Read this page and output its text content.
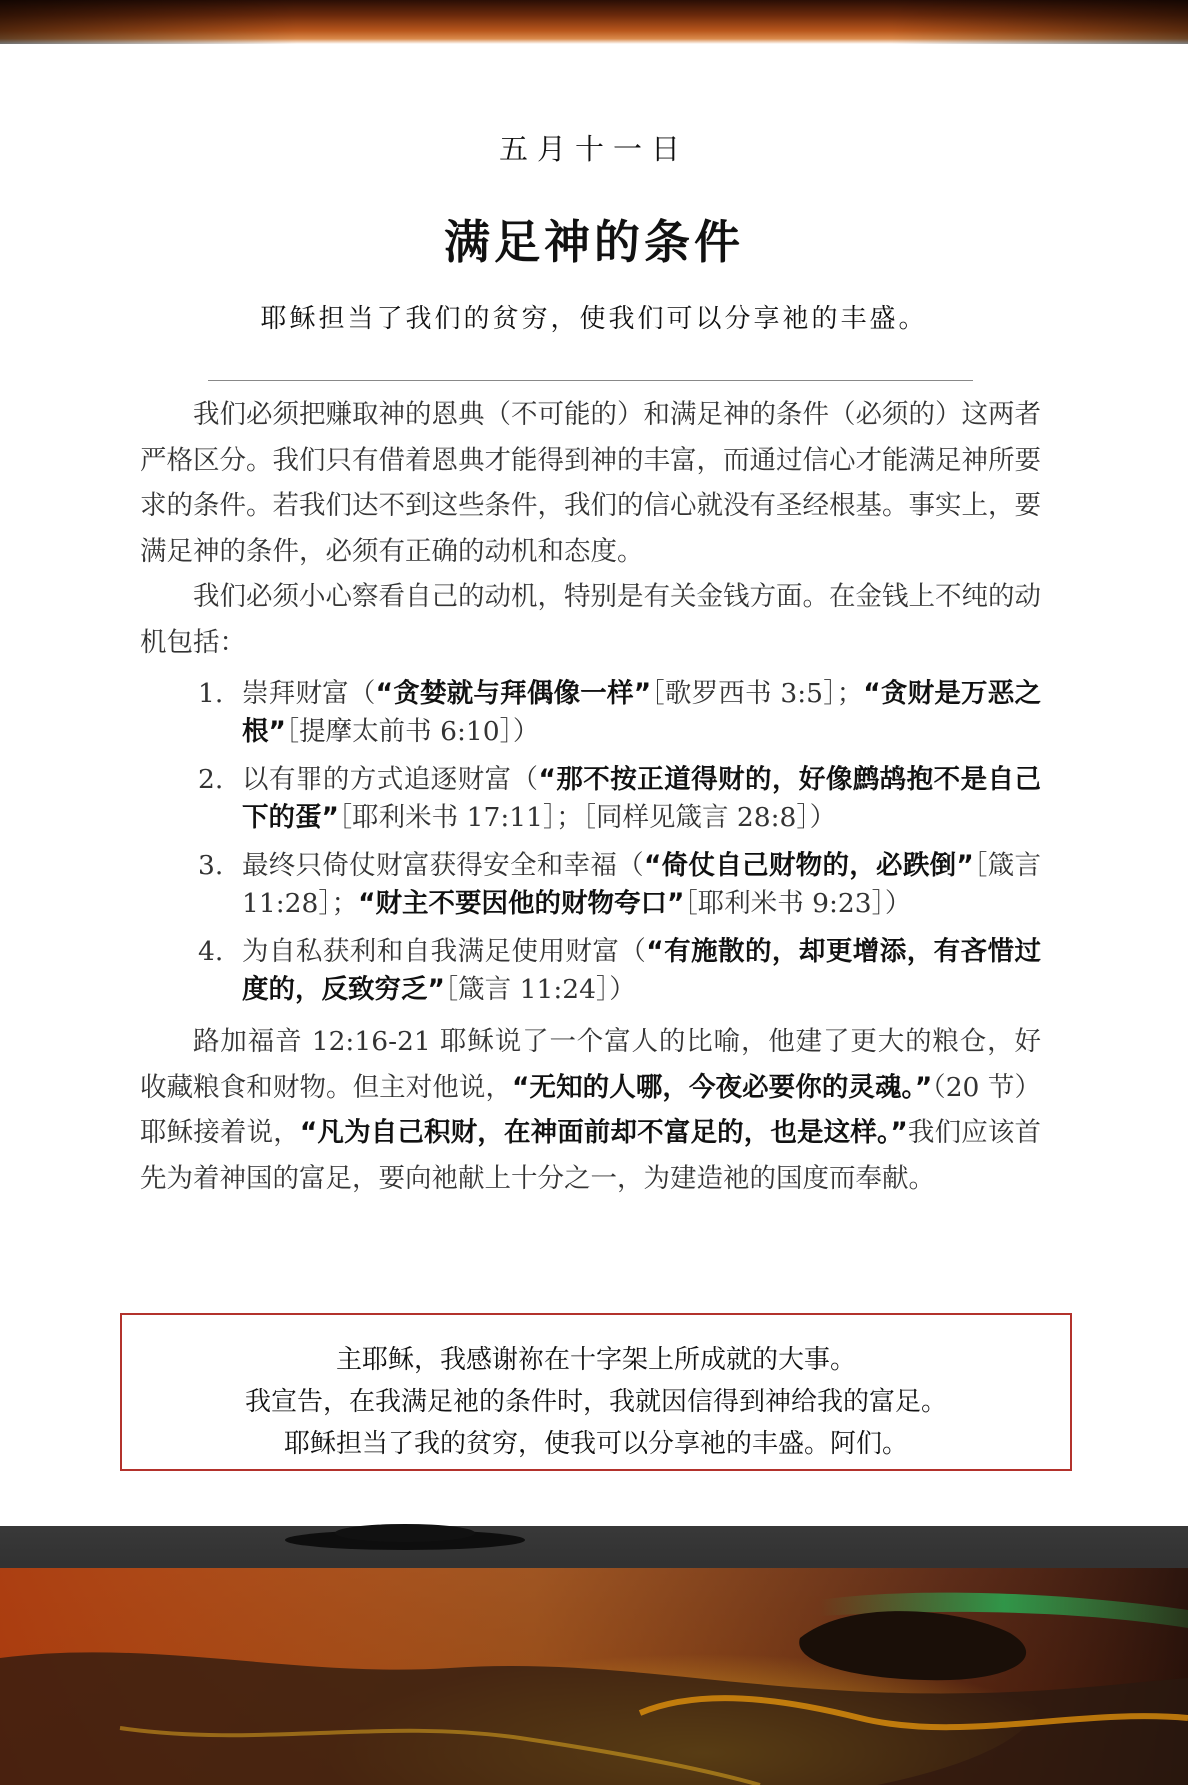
五月十一日
满足神的条件
耶稣担当了我们的贫穷，使我们可以分享祂的丰盛。

我们必须把赚取神的恩典（不可能的）和满足神的条件（必须的）这两者严格区分。我们只有借着恩典才能得到神的丰富，而通过信心才能满足神所要求的条件。若我们达不到这些条件，我们的信心就没有圣经根基。事实上，要满足神的条件，必须有正确的动机和态度。

我们必须小心察看自己的动机，特别是有关金钱方面。在金钱上不纯的动机包括：

1. 崇拜财富（“贪婪就与拜偶像一样”［歌罗西书 3:5］；“贪财是万恶之根”［提摩太前书 6:10］）
2. 以有罪的方式追逐财富（“那不按正道得财的，好像鹧鸪抱不是自己下的蛋”［耶利米书 17:11］；［同样见箴言 28:8］）
3. 最终只倚仗财富获得安全和幸福（“倚仗自己财物的，必跌倒”［箴言 11:28］；“财主不要因他的财物夸口”［耶利米书 9:23］）
4. 为自私获利和自我满足使用财富（“有施散的，却更增添，有吝惜过度的，反致穷乏”［箴言 11:24］）

路加福音 12:16-21 耶稣说了一个富人的比喻，他建了更大的粮仓，好收藏粮食和财物。但主对他说，“无知的人哪，今夜必要你的灵魂。”（20 节）耶稣接着说，“凡为自己积财，在神面前却不富足的，也是这样。”我们应该首先为着神国的富足，要向祂献上十分之一，为建造祂的国度而奉献。

主耶稣，我感谢祢在十字架上所成就的大事。
我宣告，在我满足祂的条件时，我就因信得到神给我的富足。
耶稣担当了我的贫穷，使我可以分享祂的丰盛。阿们。
